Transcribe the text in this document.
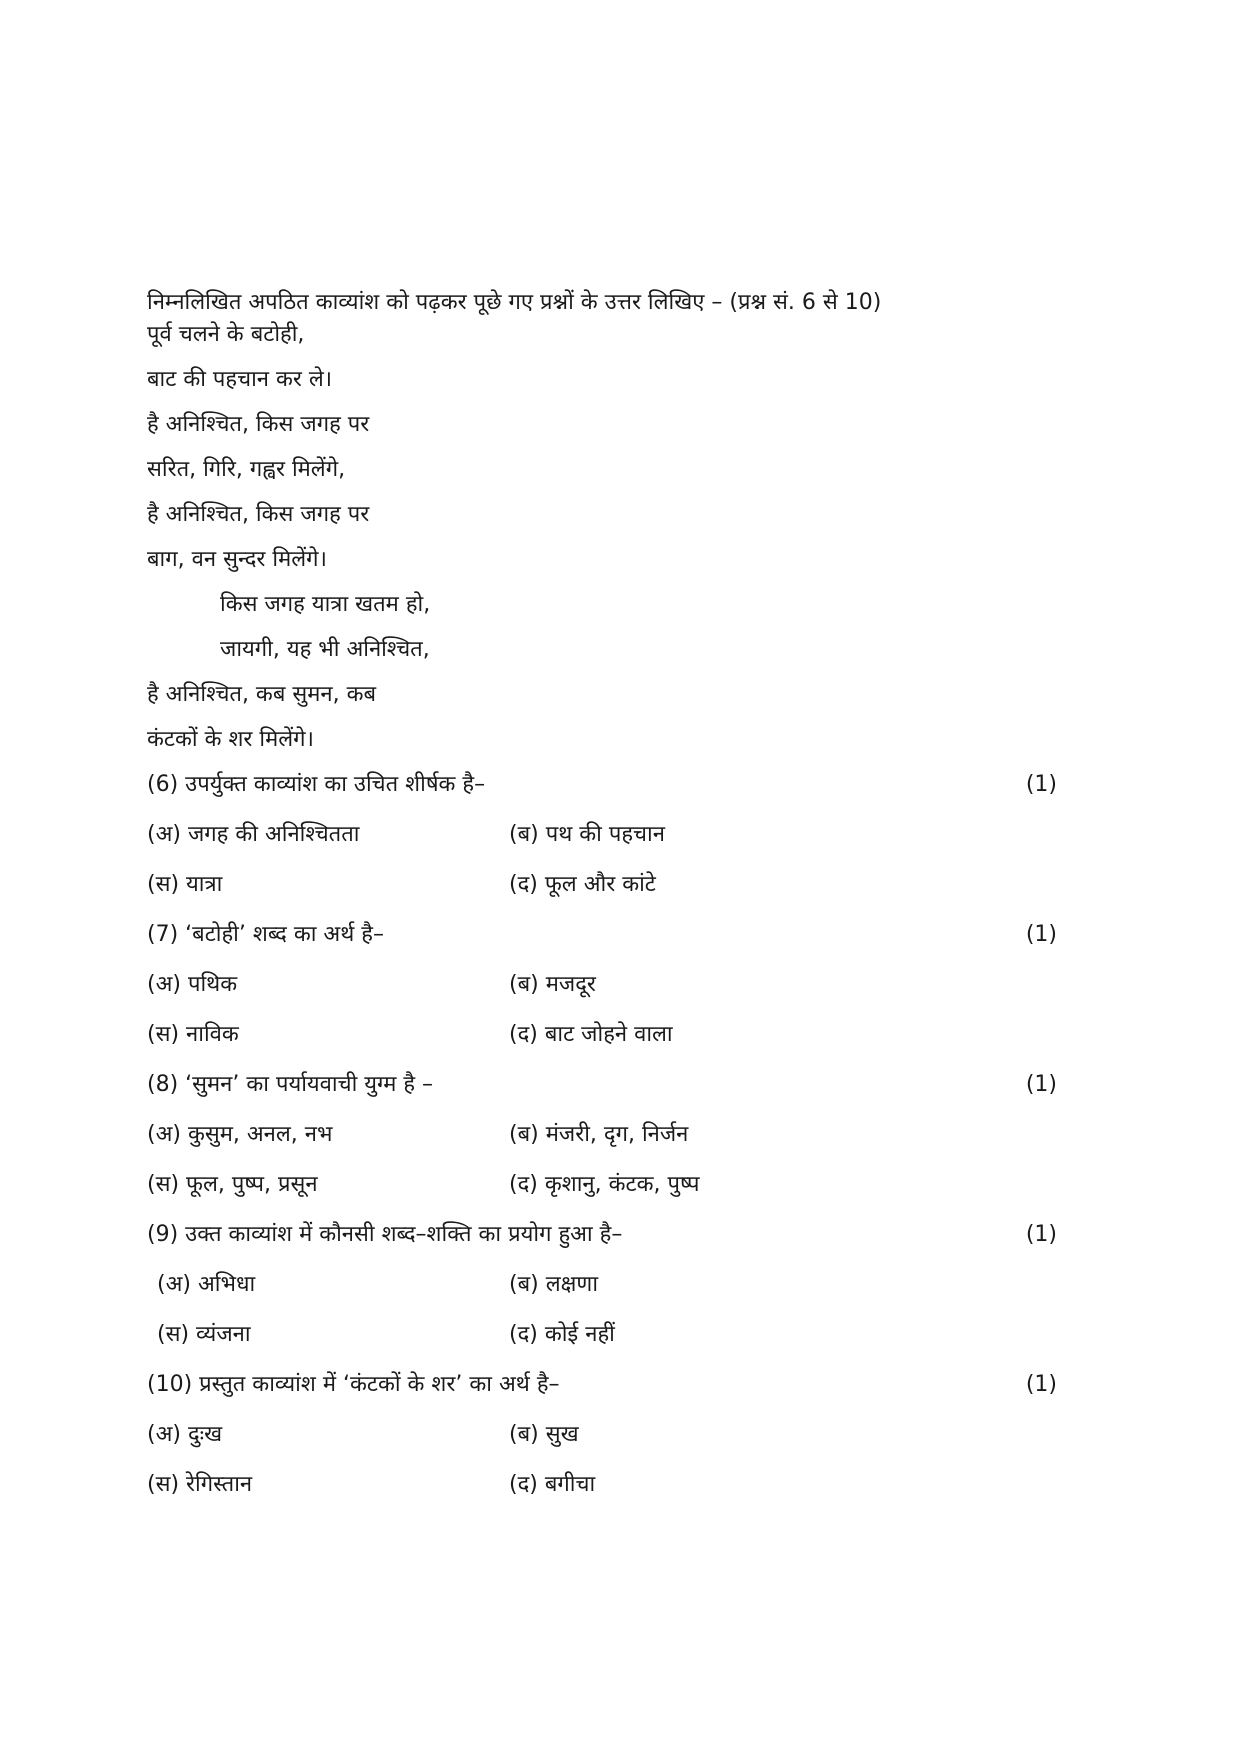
निम्नलिखित अपठित काव्यांश को पढ़कर पूछे गए प्रश्नों के उत्तर लिखिए – (प्रश्न सं. 6 से 10)
पूर्व चलने के बटोही,
बाट की पहचान कर ले।
है अनिश्चित, किस जगह पर
सरित, गिरि, गह्वर मिलेंगे,
है अनिश्चित, किस जगह पर
बाग, वन सुन्दर मिलेंगे।
किस जगह यात्रा खतम हो,
जायगी, यह भी अनिश्चित,
है अनिश्चित, कब सुमन, कब
कंटकों के शर मिलेंगे।
(6) उपर्युक्त काव्यांश का उचित शीर्षक है–	(1)
(अ) जगह की अनिश्चितता	(ब) पथ की पहचान
(स) यात्रा	(द) फूल और कांटे
(7) ‘बटोही’ शब्द का अर्थ है–	(1)
(अ) पथिक	(ब) मजदूर
(स) नाविक	(द) बाट जोहने वाला
(8) ‘सुमन’ का पर्यायवाची युग्म है –	(1)
(अ) कुसुम, अनल, नभ	(ब) मंजरी, दृग, निर्जन
(स) फूल, पुष्प, प्रसून	(द) कृशानु, कंटक, पुष्प
(9) उक्त काव्यांश में कौनसी शब्द–शक्ति का प्रयोग हुआ है–	(1)
(अ) अभिधा	(ब) लक्षणा
(स) व्यंजना	(द) कोई नहीं
(10) प्रस्तुत काव्यांश में ‘कंटकों के शर’ का अर्थ है–	(1)
(अ) दुःख	(ब) सुख
(स) रेगिस्तान	(द) बगीचा
